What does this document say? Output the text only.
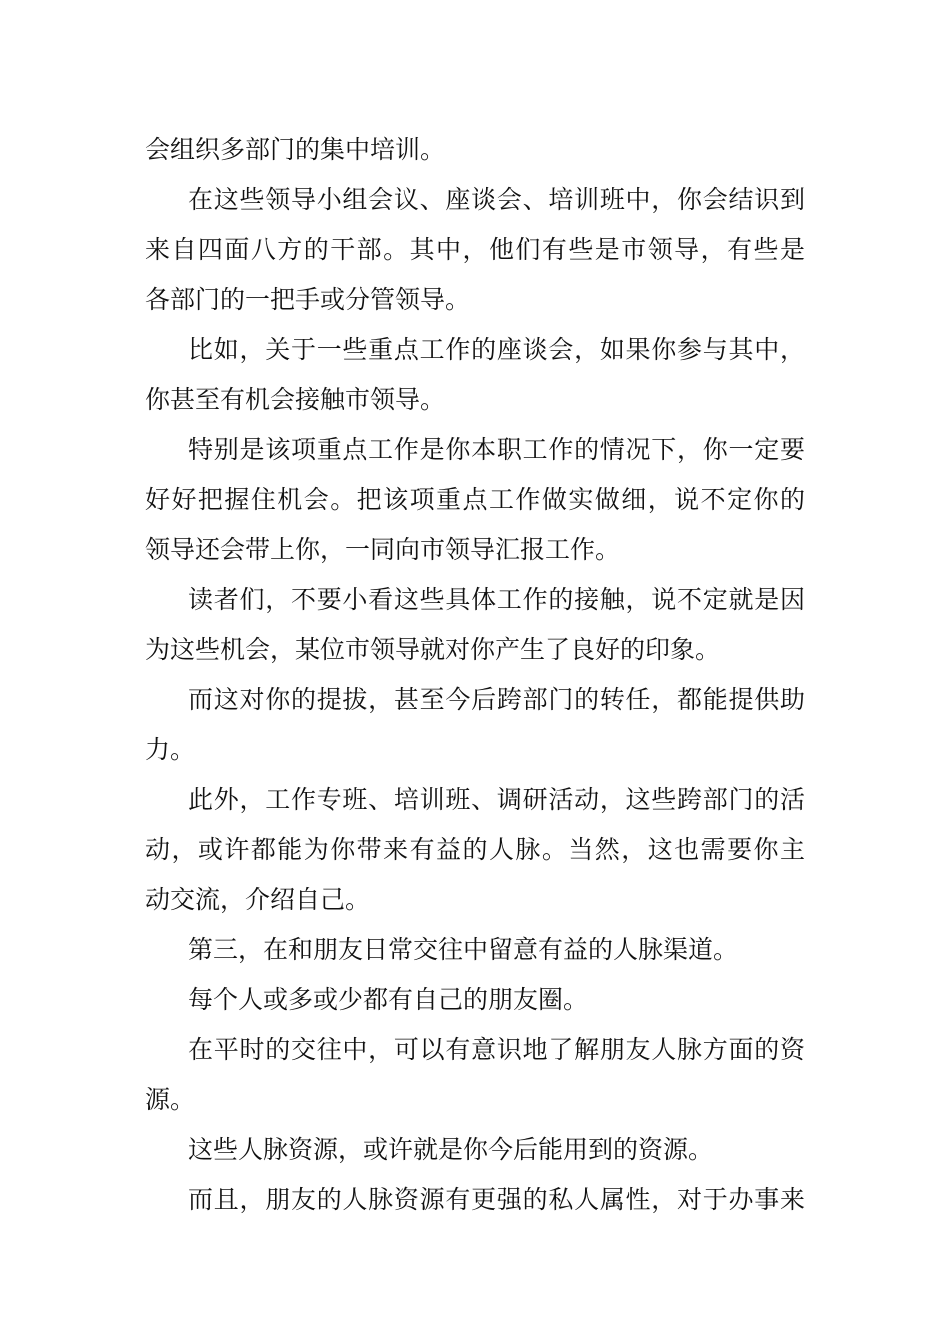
会组织多部门的集中培训。
在这些领导小组会议、座谈会、培训班中，你会结识到
来自四面八方的干部。其中，他们有些是市领导，有些是
各部门的一把手或分管领导。
比如，关于一些重点工作的座谈会，如果你参与其中，
你甚至有机会接触市领导。
特别是该项重点工作是你本职工作的情况下，你一定要
好好把握住机会。把该项重点工作做实做细，说不定你的
领导还会带上你，一同向市领导汇报工作。
读者们，不要小看这些具体工作的接触，说不定就是因
为这些机会，某位市领导就对你产生了良好的印象。
而这对你的提拔，甚至今后跨部门的转任，都能提供助
力。
此外，工作专班、培训班、调研活动，这些跨部门的活
动，或许都能为你带来有益的人脉。当然，这也需要你主
动交流，介绍自己。
第三，在和朋友日常交往中留意有益的人脉渠道。
每个人或多或少都有自己的朋友圈。
在平时的交往中，可以有意识地了解朋友人脉方面的资
源。
这些人脉资源，或许就是你今后能用到的资源。
而且，朋友的人脉资源有更强的私人属性，对于办事来
